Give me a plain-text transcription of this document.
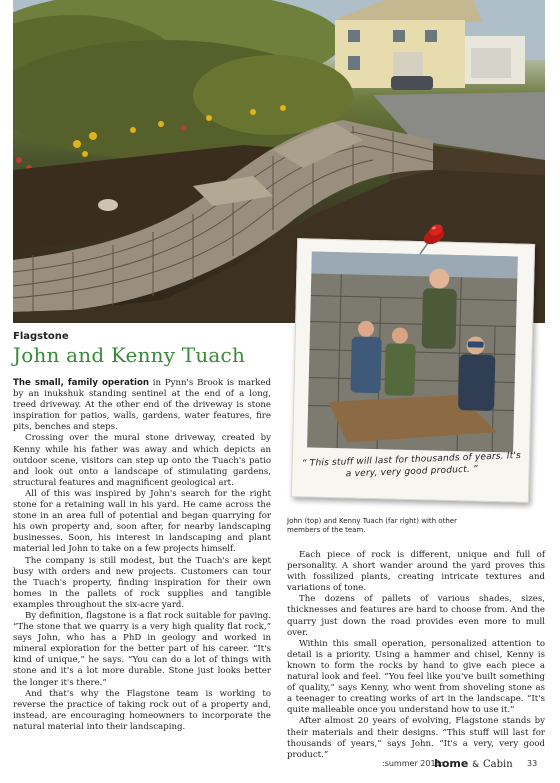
“ This stuff will last for thousands of years. It's a very, very good product. ”
Flagstone
John and Kenny Tuach

The small, family operation in Pynn's Brook is marked by an inukshuk standing sentinel at the end of a long, treed driveway. At the other end of the driveway is stone inspiration for patios, walls, gardens, water features, fire pits, benches and steps.

Crossing over the mural stone driveway, created by Kenny while his father was away and which depicts an outdoor scene, visitors can step up onto the Tuach's patio and look out onto a landscape of stimulating gardens, structural features and magnificent geological art.

All of this was inspired by John's search for the right stone for a retaining wall in his yard. He came across the stone in an area full of potential and began quarrying for his own property and, soon after, for nearby landscaping businesses. Soon, his interest in landscaping and plant material led John to take on a few projects himself.

The company is still modest, but the Tuach's are kept busy with orders and new projects. Customers can tour the Tuach's property, finding inspiration for their own homes in the pallets of rock supplies and tangible examples throughout the six-acre yard.

By definition, flagstone is a flat rock suitable for paving. “The stone that we quarry is a very high quality flat rock,” says John, who has a PhD in geology and worked in mineral exploration for the better part of his career. “It's kind of unique,” he says. “You can do a lot of things with stone and it's a lot more durable. Stone just looks better the longer it's there.”

And that's why the Flagstone team is working to reverse the practice of taking rock out of a property and, instead, are encouraging homeowners to incorporate the natural material into their landscaping.

John (top) and Kenny Tuach (far right) with other members of the team.

Each piece of rock is different, unique and full of personality. A short wander around the yard proves this with fossilized plants, creating intricate textures and variations of tone.

The dozens of pallets of various shades, sizes, thicknesses and features are hard to choose from. And the quarry just down the road provides even more to mull over.

Within this small operation, personalized attention to detail is a priority. Using a hammer and chisel, Kenny is known to form the rocks by hand to give each piece a natural look and feel. “You feel like you've built something of quality,” says Kenny, who went from shoveling stone as a teenager to creating works of art in the landscape. “It's quite malleable once you understand how to use it.”

After almost 20 years of evolving, Flagstone stands by their materials and their designs. “This stuff will last for thousands of years,” says John. “It's a very, very good product.”

:summer 2011:
home & Cabin 33
